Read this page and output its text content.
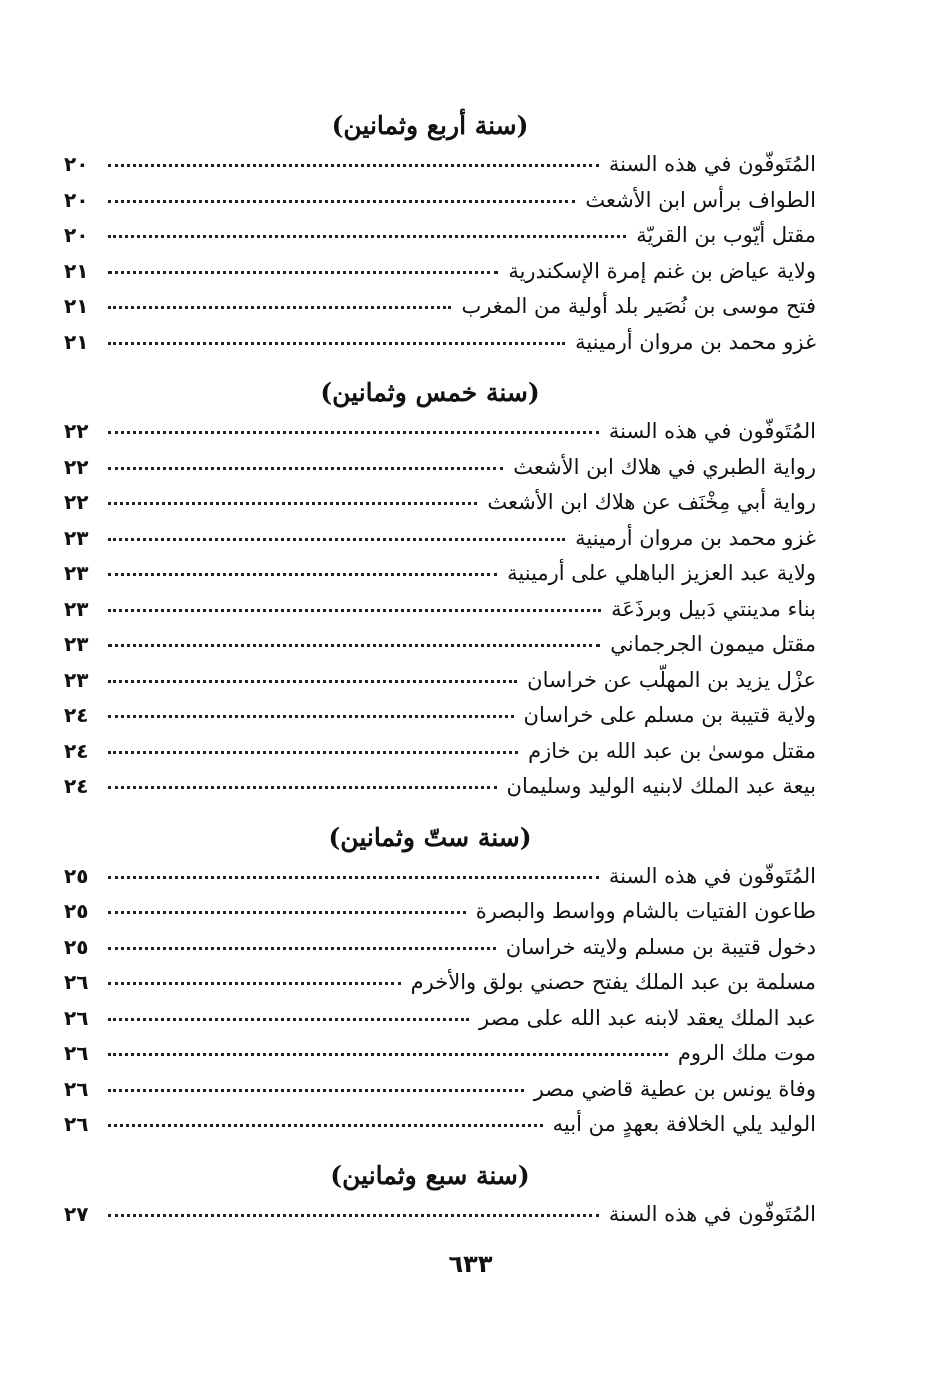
(سنة أربع وثمانين)
المُتَوفّون في هذه السنة
٢٠
الطواف برأس ابن الأشعث
٢٠
مقتل أيّوب بن القريّة
٢٠
ولاية عياض بن غنم إمرة الإسكندرية
٢١
فتح موسى بن نُصَير بلد أولية من المغرب
٢١
غزو محمد بن مروان أرمينية
٢١
(سنة خمس وثمانين)
المُتَوفّون في هذه السنة
٢٢
رواية الطبري في هلاك ابن الأشعث
٢٢
رواية أبي مِخْنَف عن هلاك ابن الأشعث
٢٢
غزو محمد بن مروان أرمينية
٢٣
ولاية عبد العزيز الباهلي على أرمينية
٢٣
بناء مدينتي دَبيل وبرذَعَة
٢٣
مقتل ميمون الجرجماني
٢٣
عزْل يزيد بن المهلّب عن خراسان
٢٣
ولاية قتيبة بن مسلم على خراسان
٢٤
مقتل موسىٰ بن عبد الله بن خازم
٢٤
بيعة عبد الملك لابنيه الوليد وسليمان
٢٤
(سنة ستّ وثمانين)
المُتَوفّون في هذه السنة
٢٥
طاعون الفتيات بالشام وواسط والبصرة
٢٥
دخول قتيبة بن مسلم ولايته خراسان
٢٥
مسلمة بن عبد الملك يفتح حصني بولق والأخرم
٢٦
عبد الملك يعقد لابنه عبد الله على مصر
٢٦
موت ملك الروم
٢٦
وفاة يونس بن عطية قاضي مصر
٢٦
الوليد يلي الخلافة بعهدٍ من أبيه
٢٦
(سنة سبع وثمانين)
المُتَوفّون في هذه السنة
٢٧
٦٣٣
